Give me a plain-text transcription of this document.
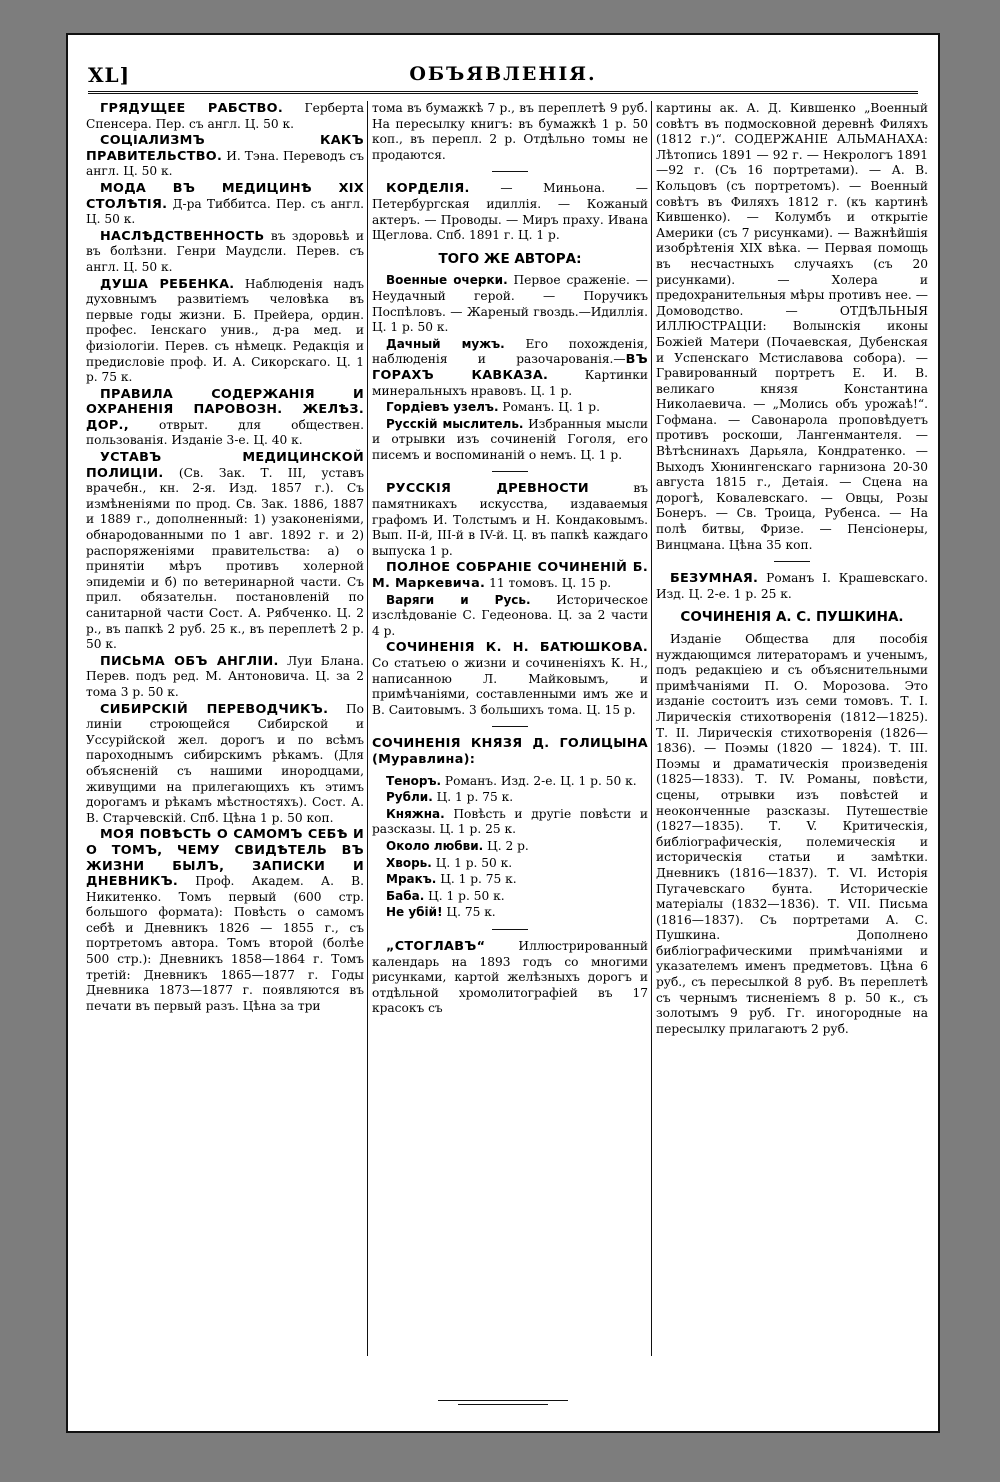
XL]	ОБЪЯВЛЕНІЯ.

ГРЯДУЩЕЕ РАБСТВО. Герберта Спенсера. Пер. съ англ. Ц. 50 к.

СОЦІАЛИЗМЪ КАКЪ ПРАВИТЕЛЬСТВО. И. Тэна. Переводъ съ англ. Ц. 50 к.

МОДА ВЪ МЕДИЦИНѢ XIX СТОЛѢТІЯ. Д-ра Тиббитса. Пер. съ англ. Ц. 50 к.

НАСЛѢДСТВЕННОСТЬ въ здоровьѣ и въ болѣзни. Генри Маудсли. Перев. съ англ. Ц. 50 к.

ДУША РЕБЕНКА. Наблюденія надъ духовнымъ развитіемъ человѣка въ первые годы жизни. Б. Прейера, ордин. профес. Іенскаго унив., д-ра мед. и физіологіи. Перев. съ нѣмецк. Редакція и предисловіе проф. И. А. Сикорскаго. Ц. 1 р. 75 к.

ПРАВИЛА СОДЕРЖАНІЯ И ОХРАНЕНІЯ ПАРОВОЗН. ЖЕЛѢЗ. ДОР., отврыт. для обществен. пользованія. Изданіе 3-е. Ц. 40 к.

УСТАВЪ МЕДИЦИНСКОЙ ПОЛИЦІИ. (Св. Зак. Т. III, уставъ врачебн., кн. 2-я. Изд. 1857 г.). Съ измѣненіями по прод. Св. Зак. 1886, 1887 и 1889 г., дополненный: 1) узаконеніями, обнародованными по 1 авг. 1892 г. и 2) распоряженіями правительства: а) о принятіи мѣръ противъ холерной эпидеміи и б) по ветеринарной части. Съ прил. обязательн. постановленій по санитарной части Сост. А. Рябченко. Ц. 2 р., въ папкѣ 2 руб. 25 к., въ переплетѣ 2 р. 50 к.

ПИСЬМА ОБЪ АНГЛІИ. Луи Блана. Перев. подъ ред. М. Антоновича. Ц. за 2 тома 3 р. 50 к.

СИБИРСКІЙ ПЕРЕВОДЧИКЪ. По линіи строющейся Сибирской и Уссурійской жел. дорогъ и по всѣмъ пароходнымъ сибирскимъ рѣкамъ. (Для объясненій съ нашими инородцами, живущими на прилегающихъ къ этимъ дорогамъ и рѣкамъ мѣстностяхъ). Сост. А. В. Старчевскій. Спб. Цѣна 1 р. 50 коп.

МОЯ ПОВѢСТЬ О САМОМЪ СЕБѢ И О ТОМЪ, ЧЕМУ СВИДѢТЕЛЬ ВЪ ЖИЗНИ БЫЛЪ, ЗАПИСКИ И ДНЕВНИКЪ. Проф. Академ. А. В. Никитенко. Томъ первый (600 стр. большого формата): Повѣсть о самомъ себѣ и Дневникъ 1826 — 1855 г., съ портретомъ автора. Томъ второй (болѣе 500 стр.): Дневникъ 1858—1864 г. Томъ третій: Дневникъ 1865—1877 г. Годы Дневника 1873—1877 г. появляются въ печати въ первый разъ. Цѣна за три

тома въ бумажкѣ 7 р., въ переплетѣ 9 руб. На пересылку книгъ: въ бумажкѣ 1 р. 50 коп., въ перепл. 2 р. Отдѣльно томы не продаются.

КОРДЕЛІЯ. — Миньона. — Петербургская идиллія. — Кожаный актеръ. — Проводы. — Миръ праху. Ивана Щеглова. Спб. 1891 г. Ц. 1 р.

ТОГО ЖЕ АВТОРА:

Военные очерки. Первое сраженіе. — Неудачный герой. — Поручикъ Поспѣловъ. — Жареный гвоздь.—Идиллія. Ц. 1 р. 50 к.

Дачный мужъ. Его похожденія, наблюденія и разочарованія.—ВЪ ГОРАХЪ КАВКАЗА. Картинки минеральныхъ нравовъ. Ц. 1 р.

Гордіевъ узелъ. Романъ. Ц. 1 р.

Русскій мыслитель. Избранныя мысли и отрывки изъ сочиненій Гоголя, его писемъ и воспоминаній о немъ. Ц. 1 р.

РУССКІЯ ДРЕВНОСТИ въ памятникахъ искусства, издаваемыя графомъ И. Толстымъ и Н. Кондаковымъ. Вып. II-й, III-й в IV-й. Ц. въ папкѣ каждаго выпуска 1 р.

ПОЛНОЕ СОБРАНІЕ СОЧИНЕНІЙ Б. М. Маркевича. 11 томовъ. Ц. 15 р.

Варяги и Русь. Историческое изслѣдованіе С. Гедеонова. Ц. за 2 части 4 р.

СОЧИНЕНІЯ К. Н. БАТЮШКОВА. Со статьею о жизни и сочиненіяхъ К. Н., написанною Л. Майковымъ, и примѣчаніями, составленными имъ же и В. Саитовымъ. 3 большихъ тома. Ц. 15 р.

СОЧИНЕНІЯ КНЯЗЯ Д. ГОЛИЦЫНА (Муравлина):

Теноръ. Романъ. Изд. 2-е. Ц. 1 р. 50 к.

Рубли. Ц. 1 р. 75 к.

Княжна. Повѣсть и другіе повѣсти и разсказы. Ц. 1 р. 25 к.

Около любви. Ц. 2 р.

Хворь. Ц. 1 р. 50 к.

Мракъ. Ц. 1 р. 75 к.

Баба. Ц. 1 р. 50 к.

Не убій! Ц. 75 к.

„СТОГЛАВЪ“ Иллюстрированный календарь на 1893 годъ со многими рисунками, картой желѣзныхъ дорогъ и отдѣльной хромолитографіей въ 17 красокъ съ

картины ак. А. Д. Кившенко „Военный совѣтъ въ подмосковной деревнѣ Филяхъ (1812 г.)“. СОДЕРЖАНІЕ АЛЬМАНАХА: Лѣтопись 1891 — 92 г. — Некрологъ 1891—92 г. (Съ 16 портретами). — А. В. Кольцовъ (съ портретомъ). — Военный совѣтъ въ Филяхъ 1812 г. (къ картинѣ Кившенко). — Колумбъ и открытіе Америки (съ 7 рисунками). — Важнѣйшія изобрѣтенія XIX вѣка. — Первая помощь въ несчастныхъ случаяхъ (съ 20 рисунками). — Холера и предохранительныя мѣры противъ нее. — Домоводство. — ОТДѢЛЬНЫЯ ИЛЛЮСТРАЦІИ: Волынскія иконы Божіей Матери (Почаевская, Дубенская и Успенскаго Мстиславова собора). — Гравированный портретъ Е. И. В. великаго князя Константина Николаевича. — „Молись объ урожаѣ!“. Гофмана. — Савонарола проповѣдуетъ противъ роскоши, Лангенмантеля. — Вѣтѣснинахъ Дарьяла, Кондратенко. — Выходъ Хюнингенскаго гарнизона 20-30 августа 1815 г., Детаія. — Сцена на дорогѣ, Ковалевскаго. — Овцы, Розы Бонеръ. — Св. Троица, Рубенса. — На полѣ битвы, Фризе. — Пенсіонеры, Винцмана. Цѣна 35 коп.

БЕЗУМНАЯ. Романъ І. Крашевскаго. Изд. Ц. 2-е. 1 р. 25 к.

СОЧИНЕНІЯ А. С. ПУШКИНА.

Изданіе Общества для пособія нуждающимся литераторамъ и ученымъ, подъ редакціею и съ объяснительными примѣчаніями П. О. Морозова. Это изданіе состоитъ изъ семи томовъ. Т. I. Лирическія стихотворенія (1812—1825). Т. II. Лирическія стихотворенія (1826—1836). — Поэмы (1820 — 1824). Т. III. Поэмы и драматическія произведенія (1825—1833). Т. IV. Романы, повѣсти, сцены, отрывки изъ повѣстей и неоконченные разсказы. Путешествіе (1827—1835). Т. V. Критическія, библіографическія, полемическія и историческія статьи и замѣтки. Дневникъ (1816—1837). Т. VI. Исторія Пугачевскаго бунта. Историческіе матеріалы (1832—1836). Т. VII. Письма (1816—1837). Съ портретами А. С. Пушкина. Дополнено библіографическими примѣчаніями и указателемъ именъ предметовъ. Цѣна 6 руб., съ пересылкой 8 руб. Въ переплетѣ съ чернымъ тисненіемъ 8 р. 50 к., съ золотымъ 9 руб. Гг. иногородные на пересылку прилагаютъ 2 руб.
